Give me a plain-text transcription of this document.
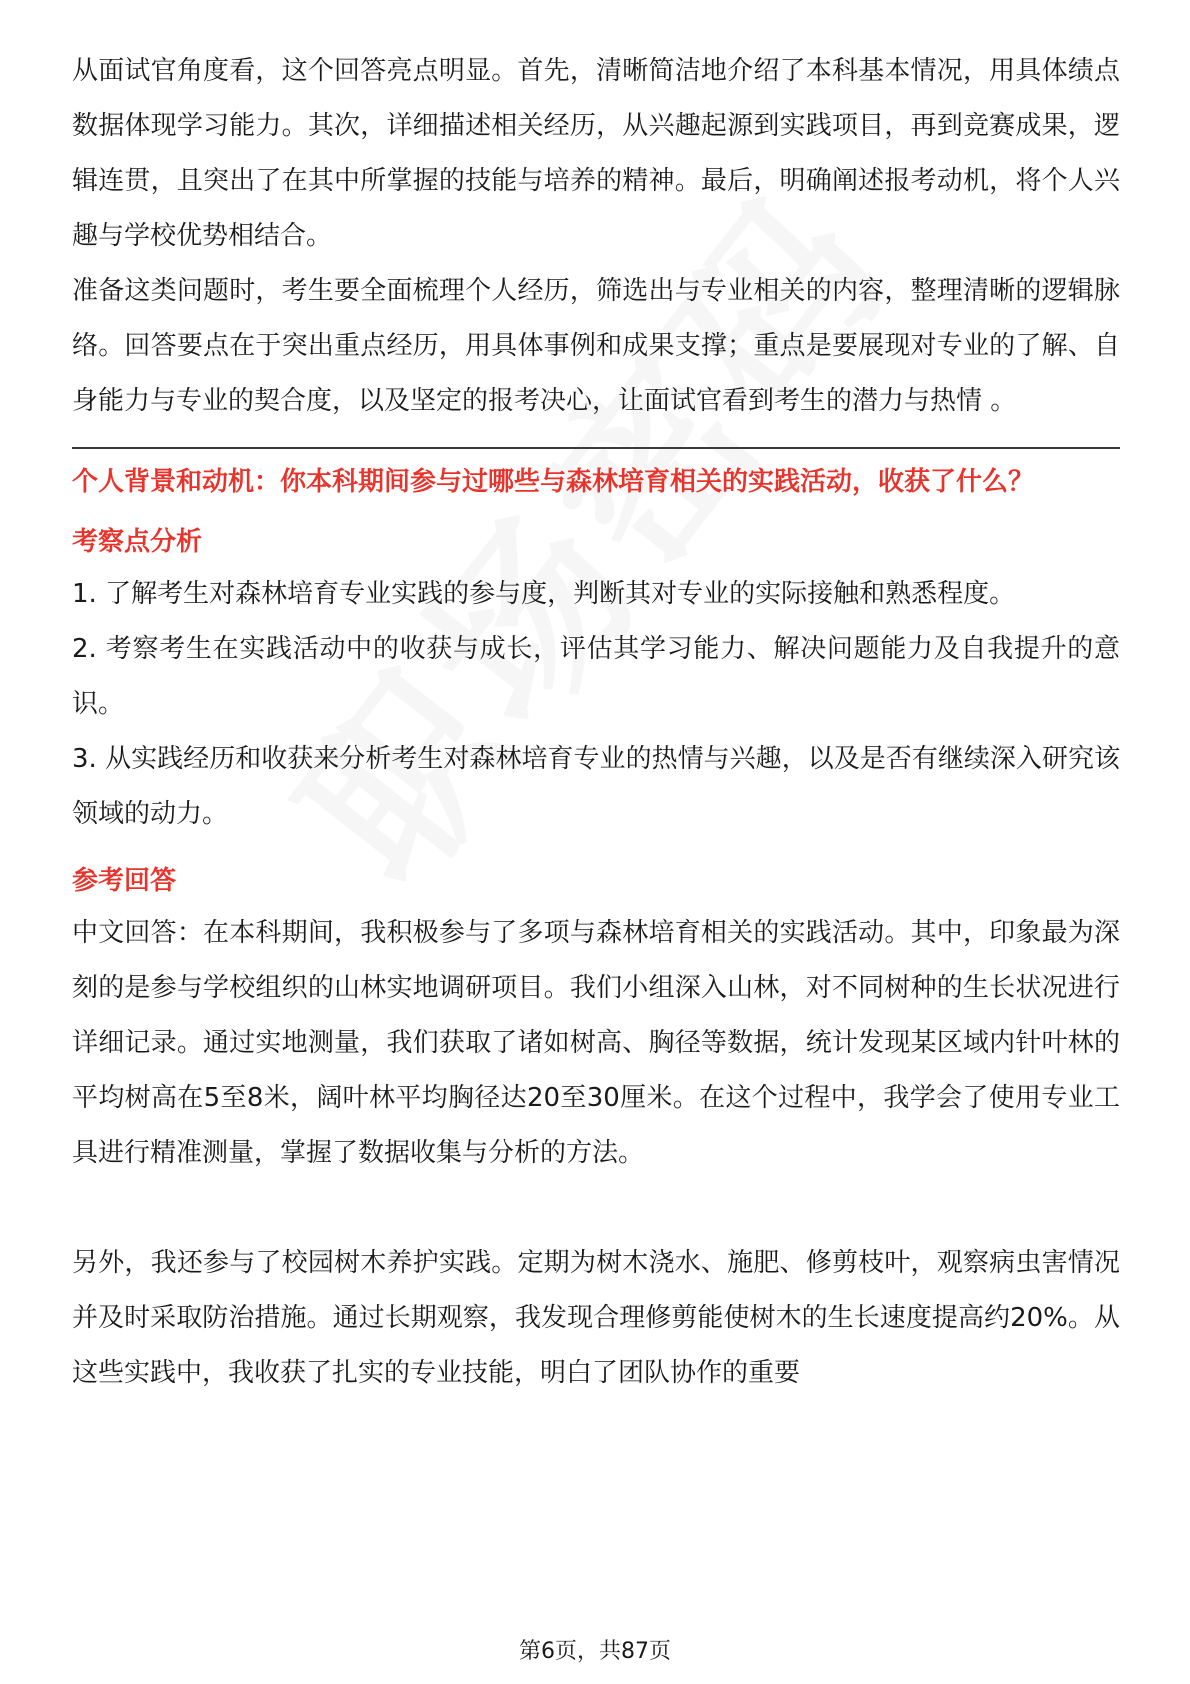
从面试官角度看，这个回答亮点明显。首先，清晰简洁地介绍了本科基本情况，用具体绩点数据体现学习能力。其次，详细描述相关经历，从兴趣起源到实践项目，再到竞赛成果，逻辑连贯，且突出了在其中所掌握的技能与培养的精神。最后，明确阐述报考动机，将个人兴趣与学校优势相结合。

准备这类问题时，考生要全面梳理个人经历，筛选出与专业相关的内容，整理清晰的逻辑脉络。回答要点在于突出重点经历，用具体事例和成果支撑；重点是要展现对专业的了解、自身能力与专业的契合度，以及坚定的报考决心，让面试官看到考生的潜力与热情 。

个人背景和动机：你本科期间参与过哪些与森林培育相关的实践活动，收获了什么？

考察点分析

1. 了解考生对森林培育专业实践的参与度，判断其对专业的实际接触和熟悉程度。

2. 考察考生在实践活动中的收获与成长，评估其学习能力、解决问题能力及自我提升的意识。

3. 从实践经历和收获来分析考生对森林培育专业的热情与兴趣，以及是否有继续深入研究该领域的动力。

参考回答

中文回答：在本科期间，我积极参与了多项与森林培育相关的实践活动。其中，印象最为深刻的是参与学校组织的山林实地调研项目。我们小组深入山林，对不同树种的生长状况进行详细记录。通过实地测量，我们获取了诸如树高、胸径等数据，统计发现某区域内针叶林的平均树高在5至8米，阔叶林平均胸径达20至30厘米。在这个过程中，我学会了使用专业工具进行精准测量，掌握了数据收集与分析的方法。

另外，我还参与了校园树木养护实践。定期为树木浇水、施肥、修剪枝叶，观察病虫害情况并及时采取防治措施。通过长期观察，我发现合理修剪能使树木的生长速度提高约20%。从这些实践中，我收获了扎实的专业技能，明白了团队协作的重要

第6页，共87页
